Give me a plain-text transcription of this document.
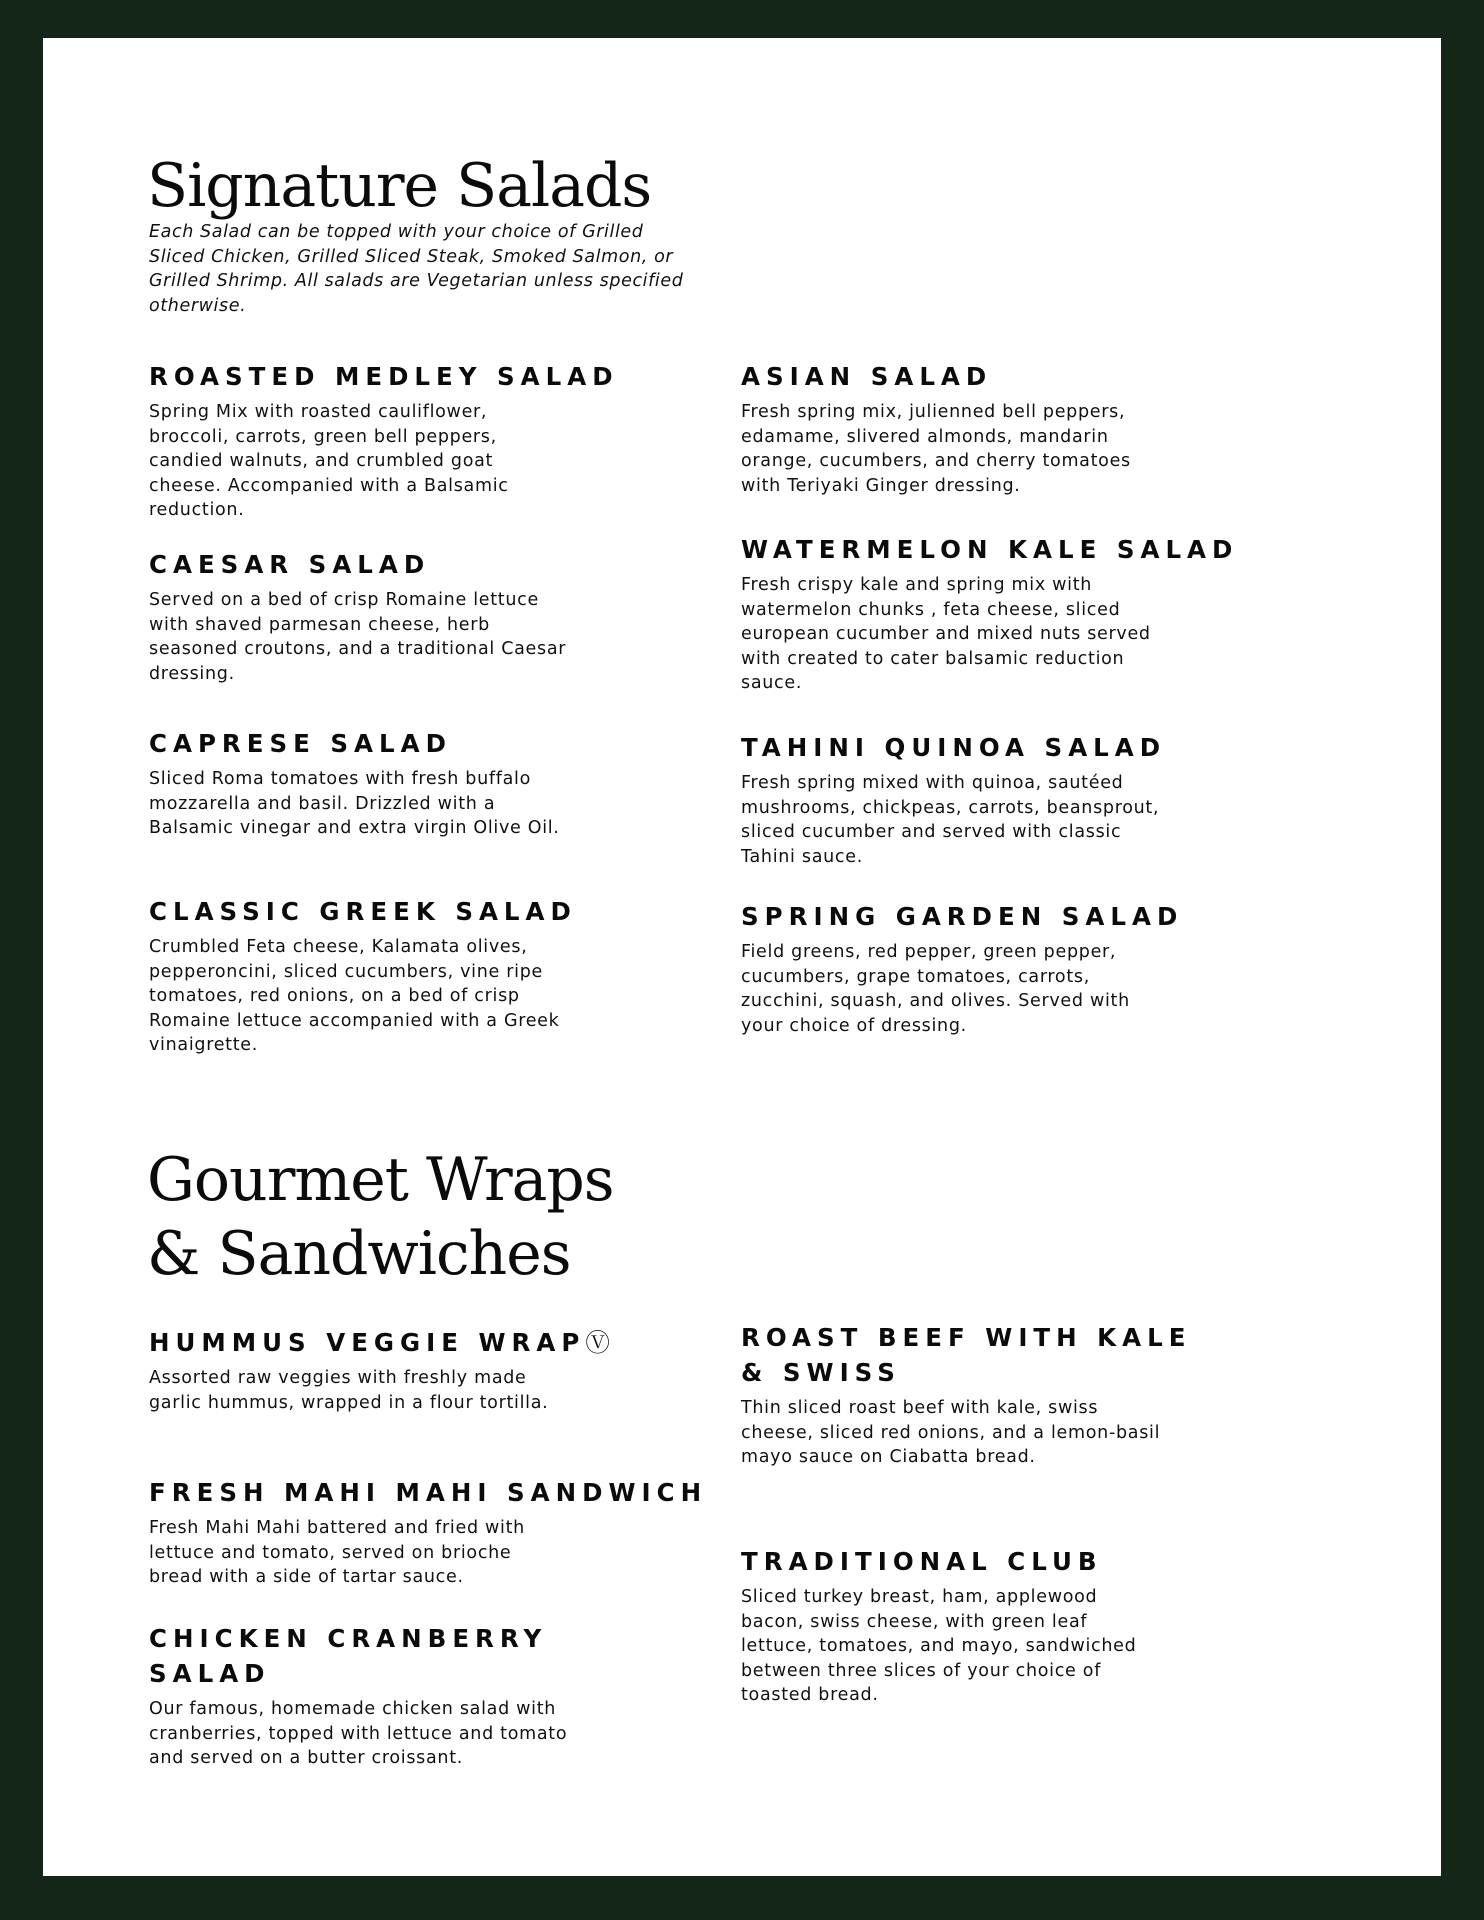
Signature Salads

Each Salad can be topped with your choice of Grilled Sliced Chicken, Grilled Sliced Steak, Smoked Salmon, or Grilled Shrimp. All salads are Vegetarian unless specified otherwise.

ROASTED MEDLEY SALAD

Spring Mix with roasted cauliflower, broccoli, carrots, green bell peppers, candied walnuts, and crumbled goat cheese. Accompanied with a Balsamic reduction.

CAESAR SALAD

Served on a bed of crisp Romaine lettuce with shaved parmesan cheese, herb seasoned croutons, and a traditional Caesar dressing.

CAPRESE SALAD

Sliced Roma tomatoes with fresh buffalo mozzarella and basil. Drizzled with a Balsamic vinegar and extra virgin Olive Oil.

CLASSIC GREEK SALAD

Crumbled Feta cheese, Kalamata olives, pepperoncini, sliced cucumbers, vine ripe tomatoes, red onions, on a bed of crisp Romaine lettuce accompanied with a Greek vinaigrette.

ASIAN SALAD

Fresh spring mix, julienned bell peppers, edamame, slivered almonds, mandarin orange, cucumbers, and cherry tomatoes with Teriyaki Ginger dressing.

WATERMELON KALE SALAD

Fresh crispy kale and spring mix with watermelon chunks , feta cheese, sliced european cucumber and mixed nuts served with created to cater balsamic reduction sauce.

TAHINI QUINOA SALAD

Fresh spring mixed with quinoa, sautéed mushrooms, chickpeas, carrots, beansprout, sliced cucumber and served with classic Tahini sauce.

SPRING GARDEN SALAD

Field greens, red pepper, green pepper, cucumbers, grape tomatoes, carrots, zucchini, squash, and olives. Served with your choice of dressing.

Gourmet Wraps
& Sandwiches
HUMMUS VEGGIE WRAPⓋ

Assorted raw veggies with freshly made garlic hummus, wrapped in a flour tortilla.

FRESH MAHI MAHI SANDWICH

Fresh Mahi Mahi battered and fried with lettuce and tomato, served on brioche bread with a side of tartar sauce.

CHICKEN CRANBERRY SALAD

Our famous, homemade chicken salad with cranberries, topped with lettuce and tomato and served on a butter croissant.

ROAST BEEF WITH KALE & SWISS

Thin sliced roast beef with kale, swiss cheese, sliced red onions, and a lemon-basil mayo sauce on Ciabatta bread.

TRADITIONAL CLUB

Sliced turkey breast, ham, applewood bacon, swiss cheese, with green leaf lettuce, tomatoes, and mayo, sandwiched between three slices of your choice of toasted bread.
